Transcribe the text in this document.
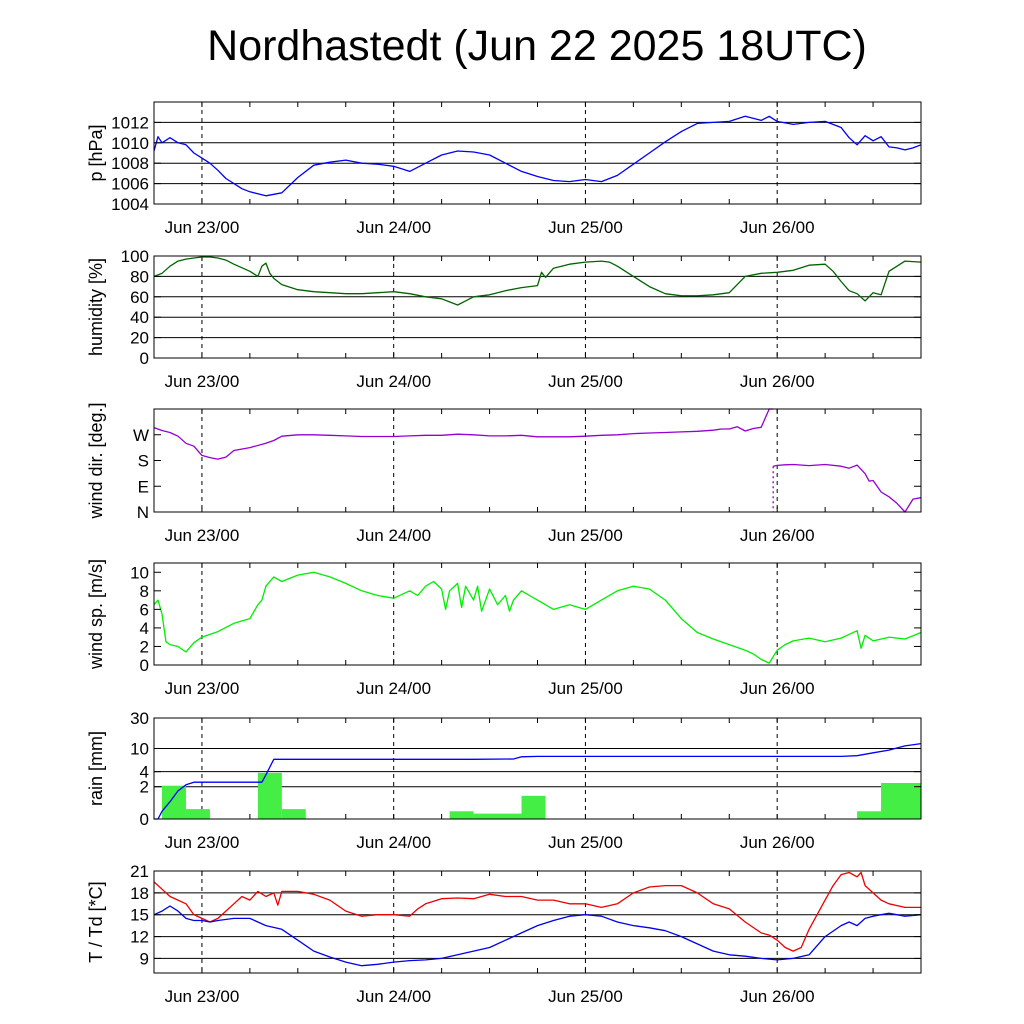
Nordhastedt (Jun 22 2025 18UTC)
1004
1006
1008
1010
1012
p [hPa]
Jun 23/00	Jun 24/00	Jun 25/00	Jun 26/00
0
20
40
60
80
100
humidity [%]
Jun 23/00	Jun 24/00	Jun 25/00	Jun 26/00
N
E
S
W
wind dir. [deg.]
Jun 23/00	Jun 24/00	Jun 25/00	Jun 26/00
0
2
4
6
8
10
wind sp. [m/s]
Jun 23/00	Jun 24/00	Jun 25/00	Jun 26/00
0
2
4
10
30
rain [mm]
Jun 23/00	Jun 24/00	Jun 25/00	Jun 26/00
9
12
15
18
21
T / Td [*C]
Jun 23/00	Jun 24/00	Jun 25/00	Jun 26/00
